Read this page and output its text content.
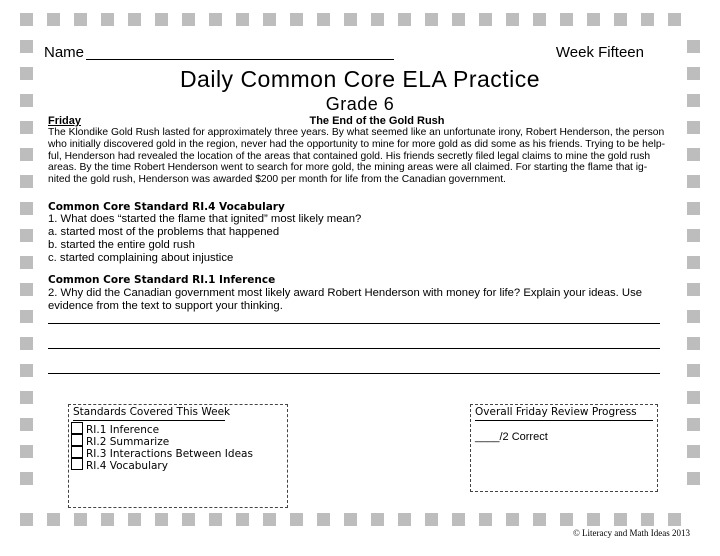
Name	Week Fifteen
Daily Common Core ELA Practice
Grade 6
Friday	The End of the Gold Rush
The Klondike Gold Rush lasted for approximately three years. By what seemed like an unfortunate irony, Robert Henderson, the person
who initially discovered gold in the region, never had the opportunity to mine for more gold as did some as his friends. Trying to be help-
ful, Henderson had revealed the location of the areas that contained gold. His friends secretly filed legal claims to mine the gold rush
areas. By the time Robert Henderson went to search for more gold, the mining areas were all claimed. For starting the flame that ig-
nited the gold rush, Henderson was awarded $200 per month for life from the Canadian government.
Common Core Standard RI.4 Vocabulary
1. What does “started the flame that ignited” most likely mean?
a. started most of the problems that happened
b. started the entire gold rush
c. started complaining about injustice
Common Core Standard RI.1 Inference
2. Why did the Canadian government most likely award Robert Henderson with money for life? Explain your ideas. Use
evidence from the text to support your thinking.
Standards Covered This Week
RI.1 Inference
RI.2 Summarize
RI.3 Interactions Between Ideas
RI.4 Vocabulary
Overall Friday Review Progress
____/2 Correct
© Literacy and Math Ideas 2013
